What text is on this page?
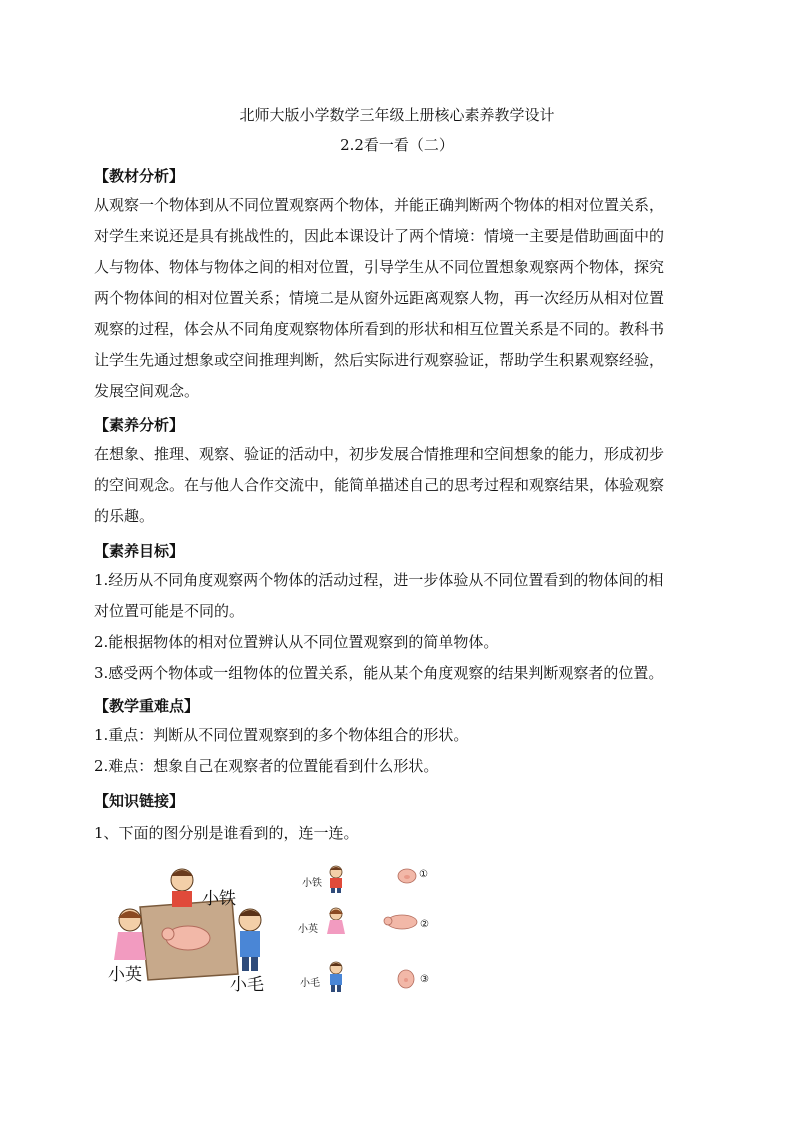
北师大版小学数学三年级上册核心素养教学设计
2.2看一看（二）
【教材分析】
从观察一个物体到从不同位置观察两个物体，并能正确判断两个物体的相对位置关系，
对学生来说还是具有挑战性的，因此本课设计了两个情境：情境一主要是借助画面中的
人与物体、物体与物体之间的相对位置，引导学生从不同位置想象观察两个物体，探究
两个物体间的相对位置关系；情境二是从窗外远距离观察人物，再一次经历从相对位置
观察的过程，体会从不同角度观察物体所看到的形状和相互位置关系是不同的。教科书
让学生先通过想象或空间推理判断，然后实际进行观察验证，帮助学生积累观察经验，
发展空间观念。
【素养分析】
在想象、推理、观察、验证的活动中，初步发展合情推理和空间想象的能力，形成初步
的空间观念。在与他人合作交流中，能简单描述自己的思考过程和观察结果，体验观察
的乐趣。
【素养目标】
1.经历从不同角度观察两个物体的活动过程，进一步体验从不同位置看到的物体间的相
对位置可能是不同的。
2.能根据物体的相对位置辨认从不同位置观察到的简单物体。
3.感受两个物体或一组物体的位置关系，能从某个角度观察的结果判断观察者的位置。
【教学重难点】
1.重点：判断从不同位置观察到的多个物体组合的形状。
2.难点：想象自己在观察者的位置能看到什么形状。
【知识链接】
1、下面的图分别是谁看到的，连一连。
小铁
小英	小毛
小铁
①
小英	②
小毛	③
